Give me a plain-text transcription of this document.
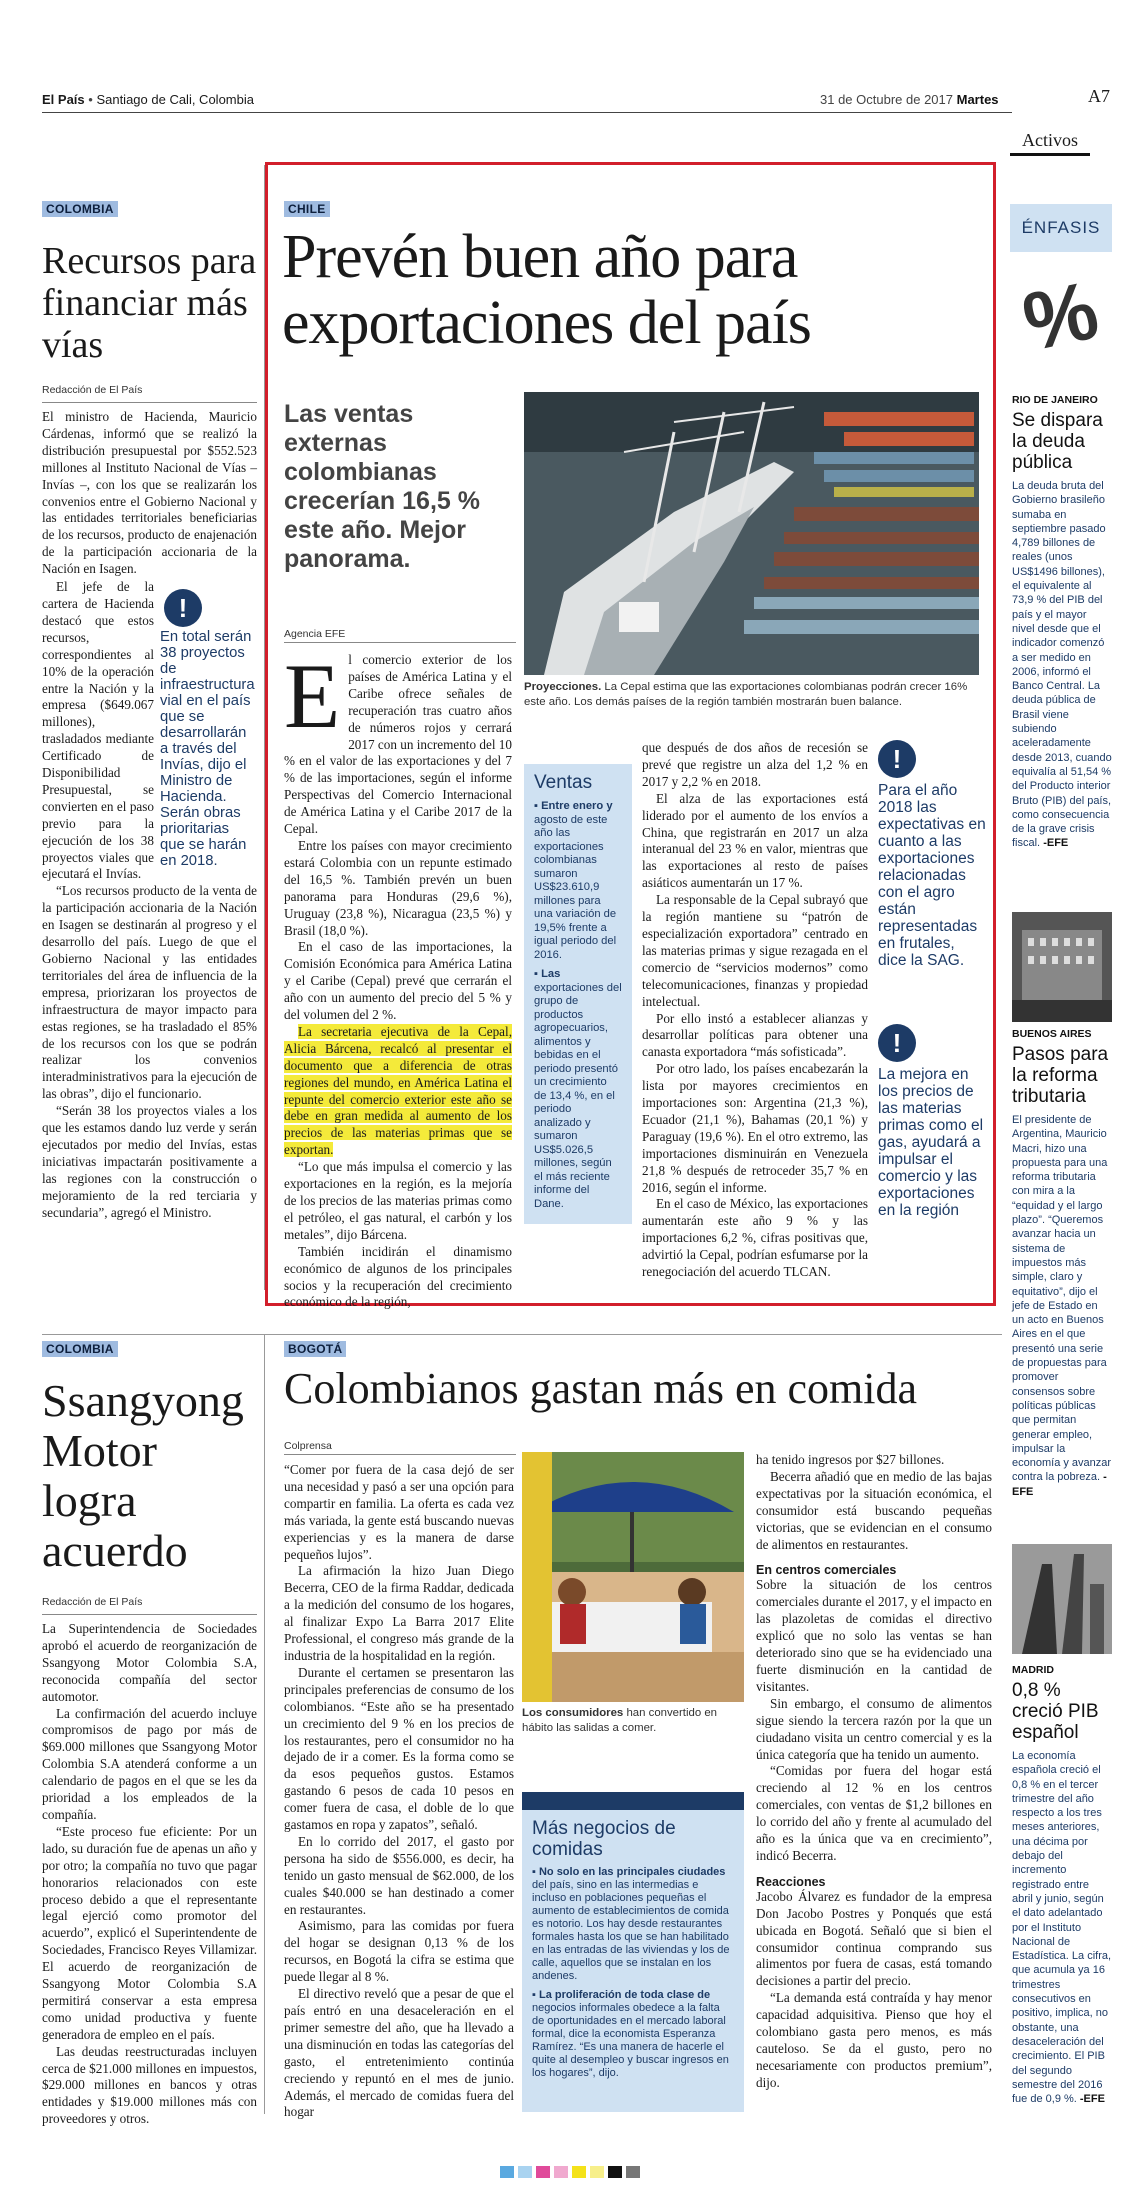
El País • Santiago de Cali, Colombia	31 de Octubre de 2017 Martes	A7
Activos
COLOMBIA
Recursos para financiar más vías
Redacción de El País
El ministro de Hacienda, Mauricio Cárdenas, informó que se realizó la distribución presupuestal por $552.523 millones al Instituto Nacional de Vías – Invías –, con los que se realizarán los convenios entre el Gobierno Nacional y las entidades territoriales beneficiarias de los recursos, producto de enajenación de la participación accionaria de la Nación en Isagen.
El jefe de la cartera de Hacienda destacó que estos recursos, correspondientes al 10% de la operación entre la Nación y la empresa ($649.067 millones), trasladados mediante Certificado de Disponibilidad Presupuestal, se convierten en el paso previo para la ejecución de los 38 proyectos viales que ejecutará el Invías.
!
En total serán 38 proyectos de infraestructura vial en el país que se desarrollarán a través del Invías, dijo el Ministro de Hacienda. Serán obras prioritarias que se harán en 2018.
“Los recursos producto de la venta de la participación accionaria de la Nación en Isagen se destinarán al progreso y el desarrollo del país. Luego de que el Gobierno Nacional y las entidades territoriales del área de influencia de la empresa, priorizaran los proyectos de infraestructura de mayor impacto para estas regiones, se ha trasladado el 85% de los recursos con los que se podrán realizar los convenios interadministrativos para la ejecución de las obras”, dijo el funcionario.
“Serán 38 los proyectos viales a los que les estamos dando luz verde y serán ejecutados por medio del Invías, estas iniciativas impactarán positivamente a las regiones con la construcción o mejoramiento de la red terciaria y secundaria”, agregó el Ministro.
CHILE
Prevén buen año para exportaciones del país
Las ventas externas colombianas crecerían 16,5 % este año. Mejor panorama.
Agencia EFE
Proyecciones. La Cepal estima que las exportaciones colombianas podrán crecer 16% este año. Los demás países de la región también mostrarán buen balance.
E l comercio exterior de los países de América Latina y el Caribe ofrece señales de recuperación tras cuatro años de números rojos y cerrará 2017 con un incremento del 10 % en el valor de las exportaciones y del 7 % de las importaciones, según el informe Perspectivas del Comercio Internacional de América Latina y el Caribe 2017 de la Cepal.
Entre los países con mayor crecimiento estará Colombia con un repunte estimado del 16,5 %. También prevén un buen panorama para Honduras (29,6 %), Uruguay (23,8 %), Nicaragua (23,5 %) y Brasil (18,0 %).
En el caso de las importaciones, la Comisión Económica para América Latina y el Caribe (Cepal) prevé que cerrarán el año con un aumento del precio del 5 % y del volumen del 2 %.
La secretaria ejecutiva de la Cepal, Alicia Bárcena, recalcó al presentar el documento que a diferencia de otras regiones del mundo, en América Latina el repunte del comercio exterior este año se debe en gran medida al aumento de los precios de las materias primas que se exportan.
“Lo que más impulsa el comercio y las exportaciones en la región, es la mejoría de los precios de las materias primas como el petróleo, el gas natural, el carbón y los metales”, dijo Bárcena.
También incidirán el dinamismo económico de algunos de los principales socios y la recuperación del crecimiento económico de la región,
Ventas
▪ Entre enero y
agosto de este año las exportaciones colombianas sumaron US$23.610,9 millones para una variación de 19,5% frente a igual periodo del 2016.
▪ Las
exportaciones del grupo de productos agropecuarios, alimentos y bebidas en el periodo presentó un crecimiento de 13,4 %, en el periodo analizado y sumaron US$5.026,5 millones, según el más reciente informe del Dane.
que después de dos años de recesión se prevé que registre un alza del 1,2 % en 2017 y 2,2 % en 2018.
El alza de las exportaciones está liderado por el aumento de los envíos a China, que registrarán en 2017 un alza interanual del 23 % en valor, mientras que las exportaciones al resto de países asiáticos aumentarán un 17 %.
La responsable de la Cepal subrayó que la región mantiene su “patrón de especialización exportadora” centrado en las materias primas y sigue rezagada en el comercio de “servicios modernos” como telecomunicaciones, finanzas y propiedad intelectual.
Por ello instó a establecer alianzas y desarrollar políticas para obtener una canasta exportadora “más sofisticada”.
Por otro lado, los países encabezarán la lista por mayores crecimientos en importaciones son: Argentina (21,3 %), Ecuador (21,1 %), Bahamas (20,1 %) y Paraguay (19,6 %). En el otro extremo, las importaciones disminuirán en Venezuela 21,8 % después de retroceder 35,7 % en 2016, según el informe.
En el caso de México, las exportaciones aumentarán este año 9 % y las importaciones 6,2 %, cifras positivas que, advirtió la Cepal, podrían esfumarse por la renegociación del acuerdo TLCAN.
!
Para el año 2018 las expectativas en cuanto a las exportaciones relacionadas con el agro están representadas en frutales, dice la SAG.
!
La mejora en los precios de las materias primas como el gas, ayudará a impulsar el comercio y las exportaciones en la región
ÉNFASIS
%
RIO DE JANEIRO
Se dispara la deuda pública
La deuda bruta del Gobierno brasileño sumaba en septiembre pasado 4,789 billones de reales (unos US$1496 billones), el equivalente al 73,9 % del PIB del país y el mayor nivel desde que el indicador comenzó a ser medido en 2006, informó el Banco Central. La deuda pública de Brasil viene subiendo aceleradamente desde 2013, cuando equivalía al 51,54 % del Producto interior Bruto (PIB) del país, como consecuencia de la grave crisis fiscal. -EFE
BUENOS AIRES
Pasos para la reforma tributaria
El presidente de Argentina, Mauricio Macri, hizo una propuesta para una reforma tributaria con mira a la “equidad y el largo plazo”. “Queremos avanzar hacia un sistema de impuestos más simple, claro y equitativo”, dijo el jefe de Estado en un acto en Buenos Aires en el que presentó una serie de propuestas para promover consensos sobre políticas públicas que permitan generar empleo, impulsar la economía y avanzar contra la pobreza. -EFE
MADRID
0,8 % creció PIB español
La economía española creció el 0,8 % en el tercer trimestre del año respecto a los tres meses anteriores, una décima por debajo del incremento registrado entre abril y junio, según el dato adelantado por el Instituto Nacional de Estadística. La cifra, que acumula ya 16 trimestres consecutivos en positivo, implica, no obstante, una desaceleración del crecimiento. El PIB del segundo semestre del 2016 fue de 0,9 %. -EFE
COLOMBIA
Ssangyong Motor logra acuerdo
Redacción de El País
La Superintendencia de Sociedades aprobó el acuerdo de reorganización de Ssangyong Motor Colombia S.A, reconocida compañía del sector automotor.
La confirmación del acuerdo incluye compromisos de pago por más de $69.000 millones que Ssangyong Motor Colombia S.A atenderá conforme a un calendario de pagos en el que se les da prioridad a los empleados de la compañía.
“Este proceso fue eficiente: Por un lado, su duración fue de apenas un año y por otro; la compañía no tuvo que pagar honorarios relacionados con este proceso debido a que el representante legal ejerció como promotor del acuerdo”, explicó el Superintendente de Sociedades, Francisco Reyes Villamizar. El acuerdo de reorganización de Ssangyong Motor Colombia S.A permitirá conservar a esta empresa como unidad productiva y fuente generadora de empleo en el país.
Las deudas reestructuradas incluyen cerca de $21.000 millones en impuestos, $29.000 millones en bancos y otras entidades y $19.000 millones más con proveedores y otros.
BOGOTÁ
Colombianos gastan más en comida
Colprensa
“Comer por fuera de la casa dejó de ser una necesidad y pasó a ser una opción para compartir en familia. La oferta es cada vez más variada, la gente está buscando nuevas experiencias y es la manera de darse pequeños lujos”.
La afirmación la hizo Juan Diego Becerra, CEO de la firma Raddar, dedicada a la medición del consumo de los hogares, al finalizar Expo La Barra 2017 Elite Professional, el congreso más grande de la industria de la hospitalidad en la región.
Durante el certamen se presentaron las principales preferencias de consumo de los colombianos. “Este año se ha presentado un crecimiento del 9 % en los precios de los restaurantes, pero el consumidor no ha dejado de ir a comer. Es la forma como se da esos pequeños gustos. Estamos gastando 6 pesos de cada 10 pesos en comer fuera de casa, el doble de lo que gastamos en ropa y zapatos”, señaló.
En lo corrido del 2017, el gasto por persona ha sido de $556.000, es decir, ha tenido un gasto mensual de $62.000, de los cuales $40.000 se han destinado a comer en restaurantes.
Asimismo, para las comidas por fuera del hogar se designan 0,13 % de los recursos, en Bogotá la cifra se estima que puede llegar al 8 %.
El directivo reveló que a pesar de que el país entró en una desaceleración en el primer semestre del año, que ha llevado a una disminución en todas las categorías del gasto, el entretenimiento continúa creciendo y repuntó en el mes de junio. Además, el mercado de comidas fuera del hogar
Los consumidores han convertido en hábito las salidas a comer.
Más negocios de comidas
▪ No solo en las principales ciudades del país, sino en las intermedias e incluso en poblaciones pequeñas el aumento de establecimientos de comida es notorio. Los hay desde restaurantes formales hasta los que se han habilitado en las entradas de las viviendas y los de calle, aquellos que se instalan en los andenes.
▪ La proliferación de toda clase de negocios informales obedece a la falta de oportunidades en el mercado laboral formal, dice la economista Esperanza Ramírez. “Es una manera de hacerle el quite al desempleo y buscar ingresos en los hogares”, dijo.
ha tenido ingresos por $27 billones.
Becerra añadió que en medio de las bajas expectativas por la situación económica, el consumidor está buscando pequeñas victorias, que se evidencian en el consumo de alimentos en restaurantes.
En centros comerciales
Sobre la situación de los centros comerciales durante el 2017, y el impacto en las plazoletas de comidas el directivo explicó que no solo las ventas se han deteriorado sino que se ha evidenciado una fuerte disminución en la cantidad de visitantes.
Sin embargo, el consumo de alimentos sigue siendo la tercera razón por la que un ciudadano visita un centro comercial y es la única categoría que ha tenido un aumento.
“Comidas por fuera del hogar está creciendo al 12 % en los centros comerciales, con ventas de $1,2 billones en lo corrido del año y frente al acumulado del año es la única que va en crecimiento”, indicó Becerra.
Reacciones
Jacobo Álvarez es fundador de la empresa Don Jacobo Postres y Ponqués que está ubicada en Bogotá. Señaló que si bien el consumidor continua comprando sus alimentos por fuera de casas, está tomando decisiones a partir del precio.
“La demanda está contraída y hay menor capacidad adquisitiva. Pienso que hoy el colombiano gasta pero menos, es más cauteloso. Se da el gusto, pero no necesariamente con productos premium”, dijo.
